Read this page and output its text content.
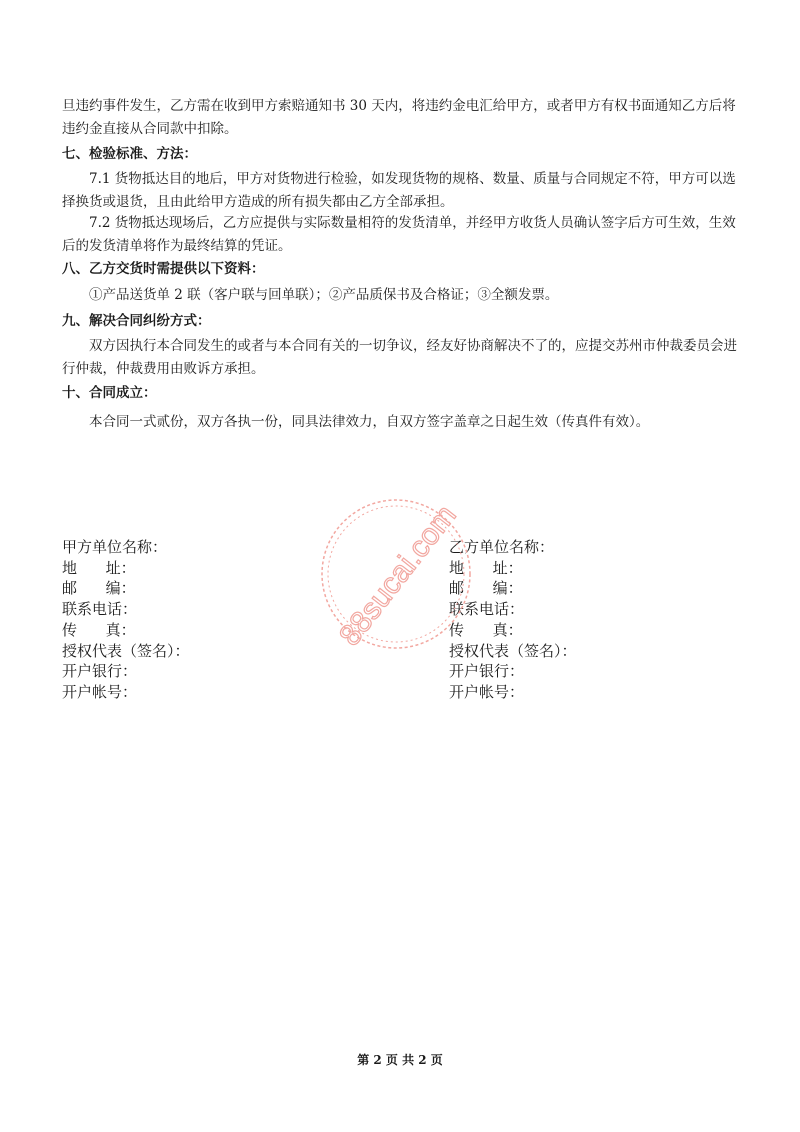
旦违约事件发生，乙方需在收到甲方索赔通知书 30 天内，将违约金电汇给甲方，或者甲方有权书面通知乙方后将违约金直接从合同款中扣除。

七、检验标准、方法：

7.1 货物抵达目的地后，甲方对货物进行检验，如发现货物的规格、数量、质量与合同规定不符，甲方可以选择换货或退货，且由此给甲方造成的所有损失都由乙方全部承担。

7.2 货物抵达现场后，乙方应提供与实际数量相符的发货清单，并经甲方收货人员确认签字后方可生效，生效后的发货清单将作为最终结算的凭证。

八、乙方交货时需提供以下资料：

①产品送货单 2 联（客户联与回单联）；②产品质保书及合格证；③全额发票。

九、解决合同纠纷方式：

双方因执行本合同发生的或者与本合同有关的一切争议，经友好协商解决不了的，应提交苏州市仲裁委员会进行仲裁，仲裁费用由败诉方承担。

十、合同成立：

本合同一式贰份，双方各执一份，同具法律效力，自双方签字盖章之日起生效（传真件有效）。

甲方单位名称：
地      址：
邮      编：
联系电话：
传      真：
授权代表（签名）：
开户银行：
开户帐号：
乙方单位名称：
地      址：
邮      编：
联系电话：
传      真：
授权代表（签名）：
开户银行：
开户帐号：
88sucai.com
第 2 页 共 2 页
